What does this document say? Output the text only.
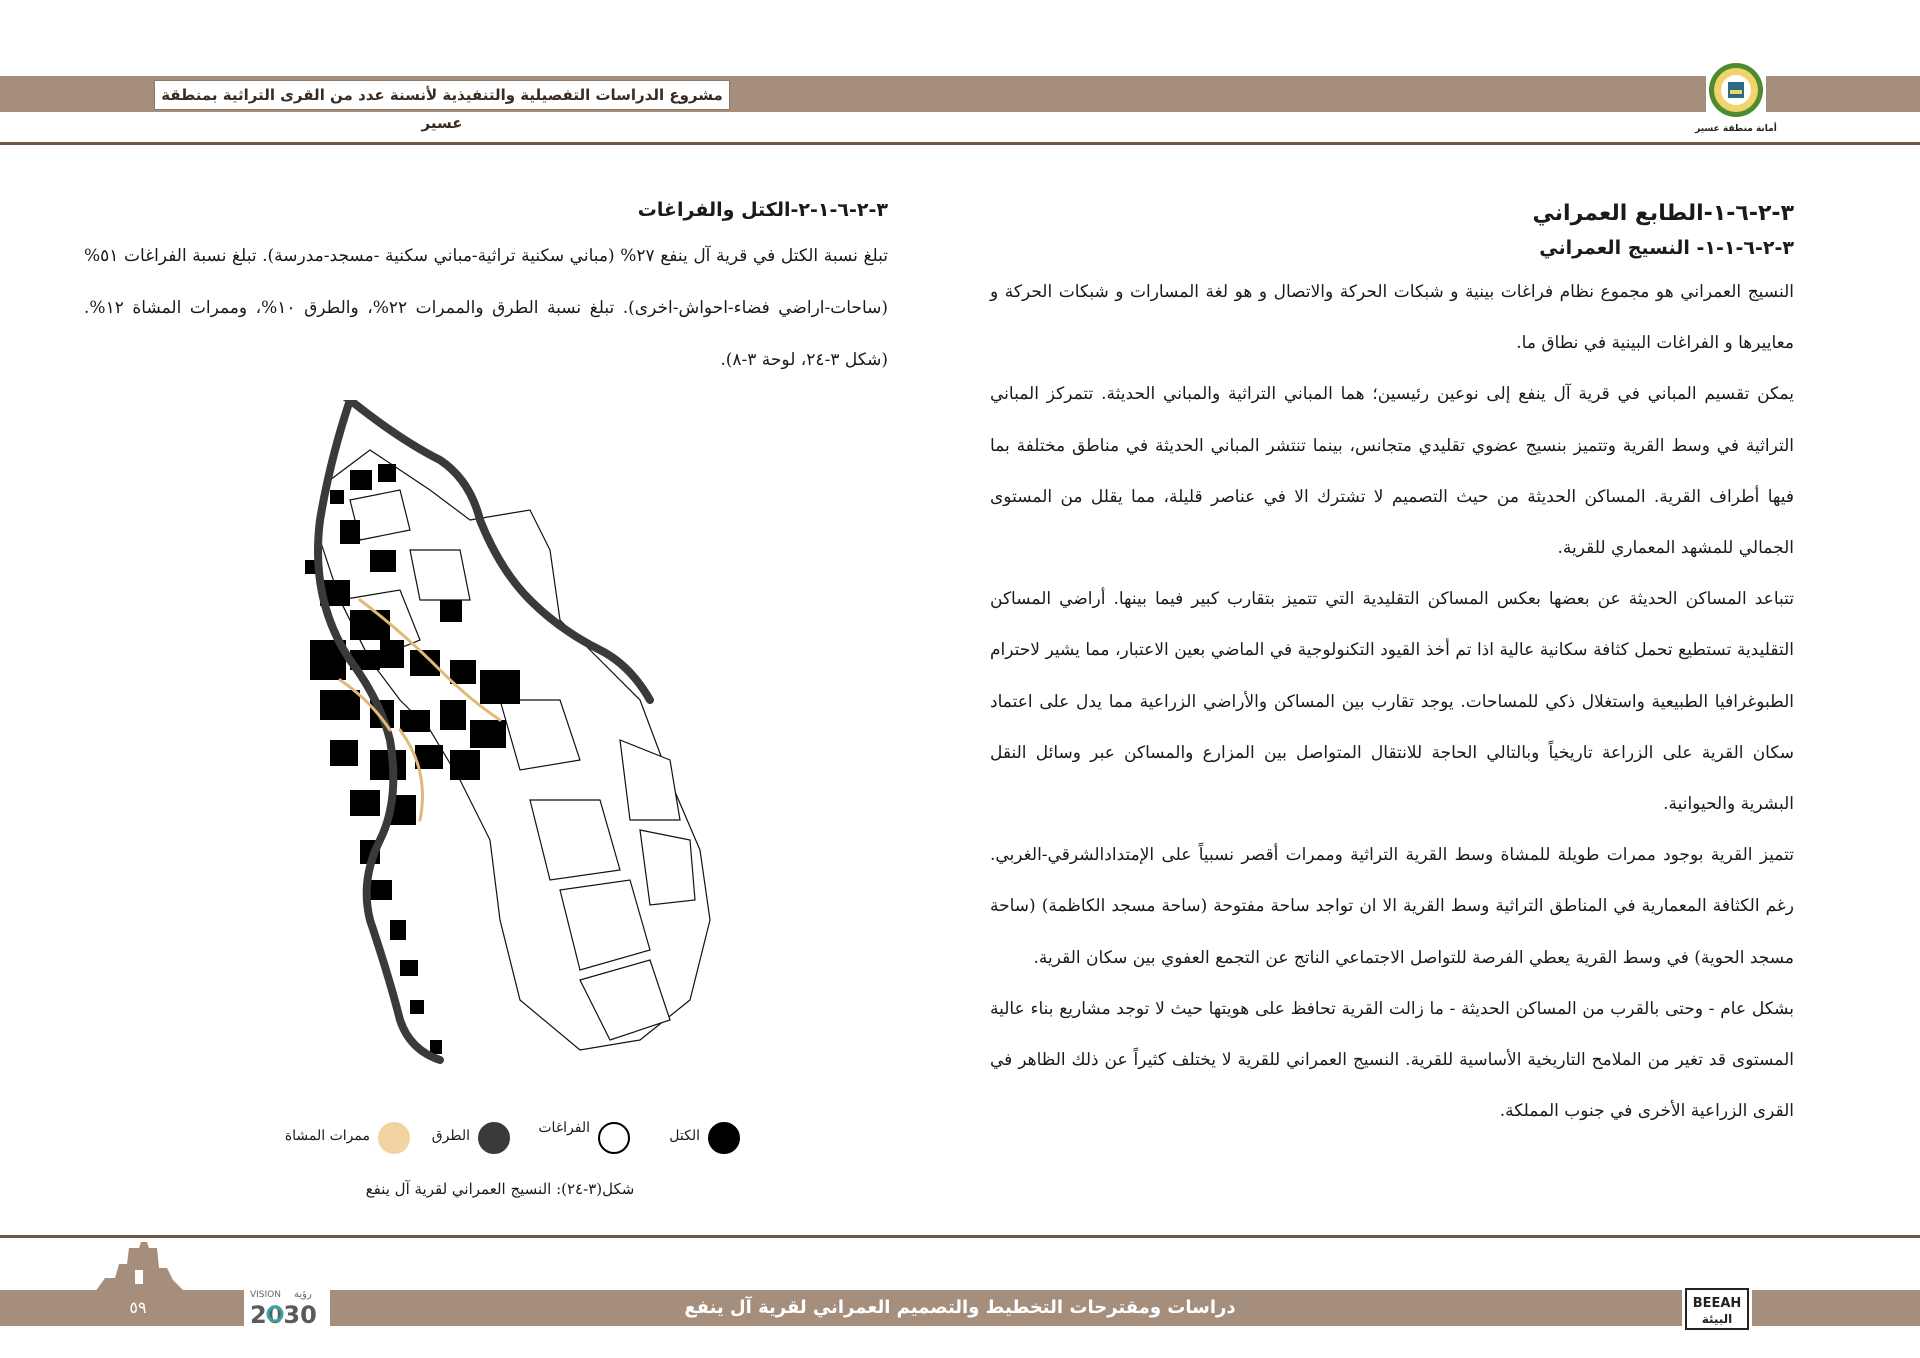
مشروع الدراسات التفصيلية والتنفيذية لأنسنة عدد من القرى التراثية بمنطقة عسير	أمانة منطقة عسير
٣-٢-٦-١-الطابع العمراني
٣-٢-٦-١-١- النسيج العمراني

النسيج العمراني هو مجموع نظام فراغات بينية و شبكات الحركة والاتصال و هو لغة المسارات و شبكات الحركة و معاييرها و الفراغات البينية في نطاق ما.

يمكن تقسيم المباني في قرية آل ينفع إلى نوعين رئيسين؛ هما المباني التراثية والمباني الحديثة. تتمركز المباني التراثية في وسط القرية وتتميز بنسيج عضوي تقليدي متجانس، بينما تنتشر المباني الحديثة في مناطق مختلفة بما فيها أطراف القرية. المساكن الحديثة من حيث التصميم لا تشترك الا في عناصر قليلة، مما يقلل من المستوى الجمالي للمشهد المعماري للقرية.

تتباعد المساكن الحديثة عن بعضها بعكس المساكن التقليدية التي تتميز بتقارب كبير فيما بينها. أراضي المساكن التقليدية تستطيع تحمل كثافة سكانية عالية اذا تم أخذ القيود التكنولوجية في الماضي بعين الاعتبار، مما يشير لاحترام الطبوغرافيا الطبيعية واستغلال ذكي للمساحات. يوجد تقارب بين المساكن والأراضي الزراعية مما يدل على اعتماد سكان القرية على الزراعة تاريخياً وبالتالي الحاجة للانتقال المتواصل بين المزارع والمساكن عبر وسائل النقل البشرية والحيوانية.

تتميز القرية بوجود ممرات طويلة للمشاة وسط القرية التراثية وممرات أقصر نسبياً على الإمتدادالشرقي-الغربي. رغم الكثافة المعمارية في المناطق التراثية وسط القرية الا ان تواجد ساحة مفتوحة (ساحة مسجد الكاظمة) (ساحة مسجد الحوية) في وسط القرية يعطي الفرصة للتواصل الاجتماعي الناتج عن التجمع العفوي بين سكان القرية.

بشكل عام - وحتى بالقرب من المساكن الحديثة - ما زالت القرية تحافظ على هويتها حيث لا توجد مشاريع بناء عالية المستوى قد تغير من الملامح التاريخية الأساسية للقرية. النسيج العمراني للقرية لا يختلف كثيراً عن ذلك الظاهر في القرى الزراعية الأخرى في جنوب المملكة.

٣-٢-٦-١-٢-الكتل والفراغات

تبلغ نسبة الكتل في قرية آل ينفع ٢٧% (مباني سكنية تراثية-مباني سكنية -مسجد-مدرسة). تبلغ نسبة الفراغات ٥١% (ساحات-اراضي فضاء-احواش-اخرى). تبلغ نسبة الطرق والممرات ٢٢%، والطرق ١٠%، وممرات المشاة ١٢%. (شكل ٣-٢٤، لوحة ٣-٨).

الكتل
الفراغات
الطرق
ممرات المشاة
شكل(٣-٢٤): النسيج العمراني لقرية آل ينفع
٥٩	دراسات ومقترحات التخطيط والتصميم العمراني لقرية آل ينفع
VISION رؤية
2030	BEEAH
البيئة
